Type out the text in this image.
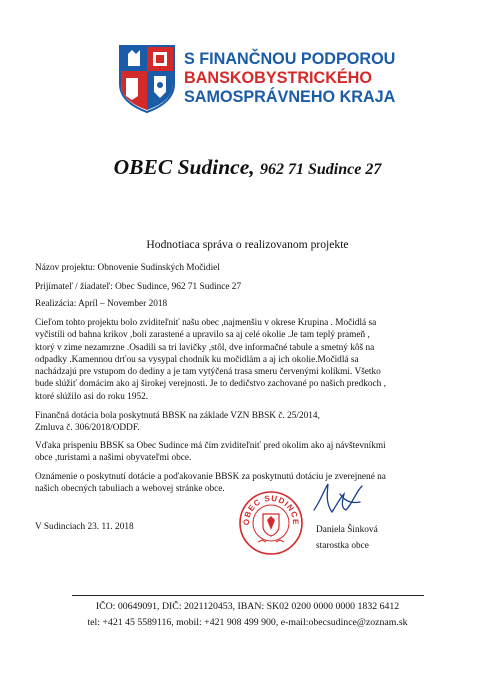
S FINANČNOU PODPOROU
BANSKOBYSTRICKÉHO
SAMOSPRÁVNEHO KRAJA
OBEC Sudince, 962 71 Sudince 27
Hodnotiaca správa o realizovanom projekte
Názov projektu: Obnovenie Sudinských Močidiel
Prijímateľ / žiadateľ: Obec Sudince, 962 71 Sudince 27
Realizácia: Apríl – November 2018

Cieľom tohto projektu bolo zviditeľniť našu obec ,najmenšiu v okrese Krupina . Močidlá sa

vyčistili od bahna krikov ,boli zarastené a upravilo sa aj celé okolie .Je tam teplý prameň ,

ktorý v zime nezamrzne .Osadili sa tri lavičky ,stôl, dve informačné tabule a smetný kôš na

odpadky .Kamennou drťou sa vysypal chodník ku močidlám a aj ich okolie.Močidlá sa

nachádzajú pre vstupom do dediny a je tam vytýčená trasa smeru červenými kolíkmi. Všetko

bude slúžiť domácim ako aj širokej verejnosti. Je to dedičstvo zachované po našich predkoch ,

ktoré slúžilo asi do roku 1952.

Finančná dotácia bola poskytnutá BBSK na základe VZN BBSK č. 25/2014,

Zmluva č. 306/2018/ODDF.

Vďaka prispeniu BBSK sa Obec Sudince má čím zviditeľniť pred okolím ako aj návštevníkmi

obce ,turistami a našimi obyvateľmi obce.

Oznámenie o poskytnutí dotácie a poďakovanie BBSK za poskytnutú dotáciu je zverejnené na

našich obecných tabuliach a webovej stránke obce.

V Sudinciach 23. 11. 2018
OBEC SUDINCE
Daniela Šinková
starostka obce
IČO: 00649091, DIČ: 2021120453, IBAN: SK02 0200 0000 0000 1832 6412
tel: +421 45 5589116, mobil: +421 908 499 900, e-mail:obecsudince@zoznam.sk
